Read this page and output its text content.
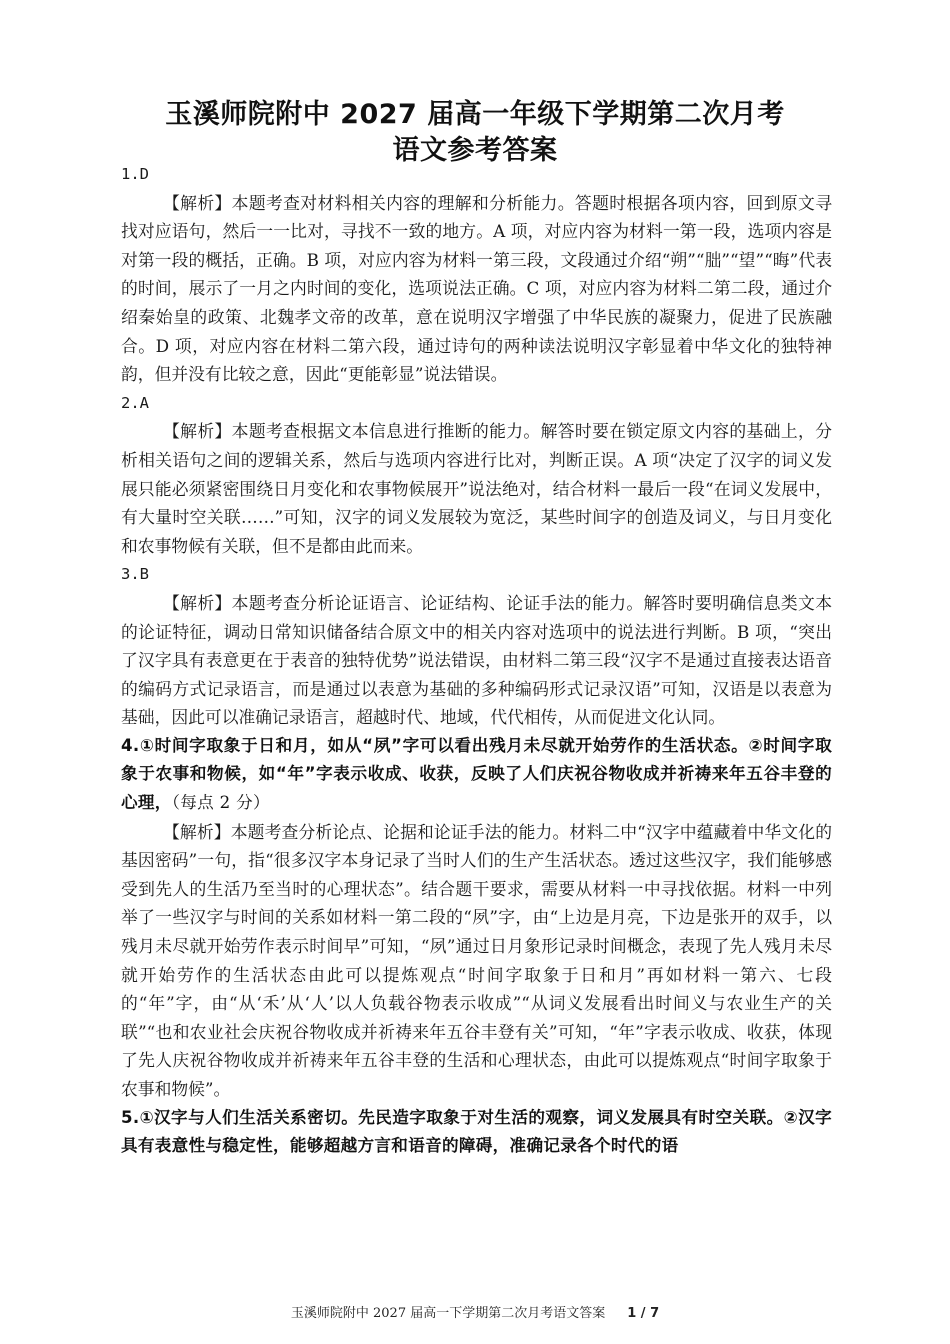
玉溪师院附中 2027 届高一年级下学期第二次月考
语文参考答案

1.D

【解析】本题考查对材料相关内容的理解和分析能力。答题时根据各项内容，回到原文寻找对应语句，然后一一比对，寻找不一致的地方。A 项，对应内容为材料一第一段，选项内容是对第一段的概括，正确。B 项，对应内容为材料一第三段，文段通过介绍“朔”“朏”“望”“晦”代表的时间，展示了一月之内时间的变化，选项说法正确。C 项，对应内容为材料二第二段，通过介绍秦始皇的政策、北魏孝文帝的改革，意在说明汉字增强了中华民族的凝聚力，促进了民族融合。D 项，对应内容在材料二第六段，通过诗句的两种读法说明汉字彰显着中华文化的独特神韵，但并没有比较之意，因此“更能彰显”说法错误。

2.A

【解析】本题考查根据文本信息进行推断的能力。解答时要在锁定原文内容的基础上，分析相关语句之间的逻辑关系，然后与选项内容进行比对，判断正误。A 项“决定了汉字的词义发展只能必须紧密围绕日月变化和农事物候展开”说法绝对，结合材料一最后一段“在词义发展中，有大量时空关联……”可知，汉字的词义发展较为宽泛，某些时间字的创造及词义，与日月变化和农事物候有关联，但不是都由此而来。

3.B

【解析】本题考查分析论证语言、论证结构、论证手法的能力。解答时要明确信息类文本的论证特征，调动日常知识储备结合原文中的相关内容对选项中的说法进行判断。B 项，“突出了汉字具有表意更在于表音的独特优势”说法错误，由材料二第三段“汉字不是通过直接表达语音的编码方式记录语言，而是通过以表意为基础的多种编码形式记录汉语”可知，汉语是以表意为基础，因此可以准确记录语言，超越时代、地域，代代相传，从而促进文化认同。

4.①时间字取象于日和月，如从“夙”字可以看出残月未尽就开始劳作的生活状态。②时间字取象于农事和物候，如“年”字表示收成、收获，反映了人们庆祝谷物收成并祈祷来年五谷丰登的心理，（每点 2 分）

【解析】本题考查分析论点、论据和论证手法的能力。材料二中“汉字中蕴藏着中华文化的基因密码”一句，指“很多汉字本身记录了当时人们的生产生活状态。透过这些汉字，我们能够感受到先人的生活乃至当时的心理状态”。结合题干要求，需要从材料一中寻找依据。材料一中列举了一些汉字与时间的关系如材料一第二段的“夙”字，由“上边是月亮，下边是张开的双手，以残月未尽就开始劳作表示时间早”可知，“夙”通过日月象形记录时间概念，表现了先人残月未尽就开始劳作的生活状态由此可以提炼观点“时间字取象于日和月”再如材料一第六、七段的“年”字，由“从‘禾’从‘人’以人负载谷物表示收成”“从词义发展看出时间义与农业生产的关联”“也和农业社会庆祝谷物收成并祈祷来年五谷丰登有关”可知，“年”字表示收成、收获，体现了先人庆祝谷物收成并祈祷来年五谷丰登的生活和心理状态，由此可以提炼观点“时间字取象于农事和物候”。

5.①汉字与人们生活关系密切。先民造字取象于对生活的观察，词义发展具有时空关联。②汉字具有表意性与稳定性，能够超越方言和语音的障碍，准确记录各个时代的语

玉溪师院附中 2027 届高一下学期第二次月考语文答案 1 / 7
